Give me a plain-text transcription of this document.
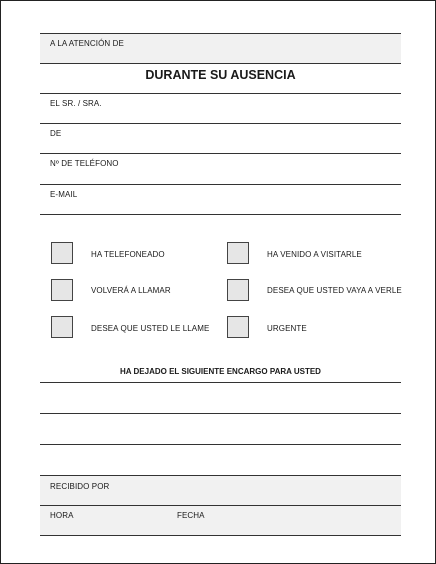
A LA ATENCIÓN DE
DURANTE SU AUSENCIA
EL SR. / SRA.
DE
Nº DE TELÉFONO
E-MAIL
HA TELEFONEADO
VOLVERÁ A LLAMAR
DESEA QUE USTED LE LLAME
HA VENIDO A VISITARLE
DESEA QUE USTED VAYA A VERLE
URGENTE
HA DEJADO EL SIGUIENTE ENCARGO PARA USTED
RECIBIDO POR
HORA	FECHA
